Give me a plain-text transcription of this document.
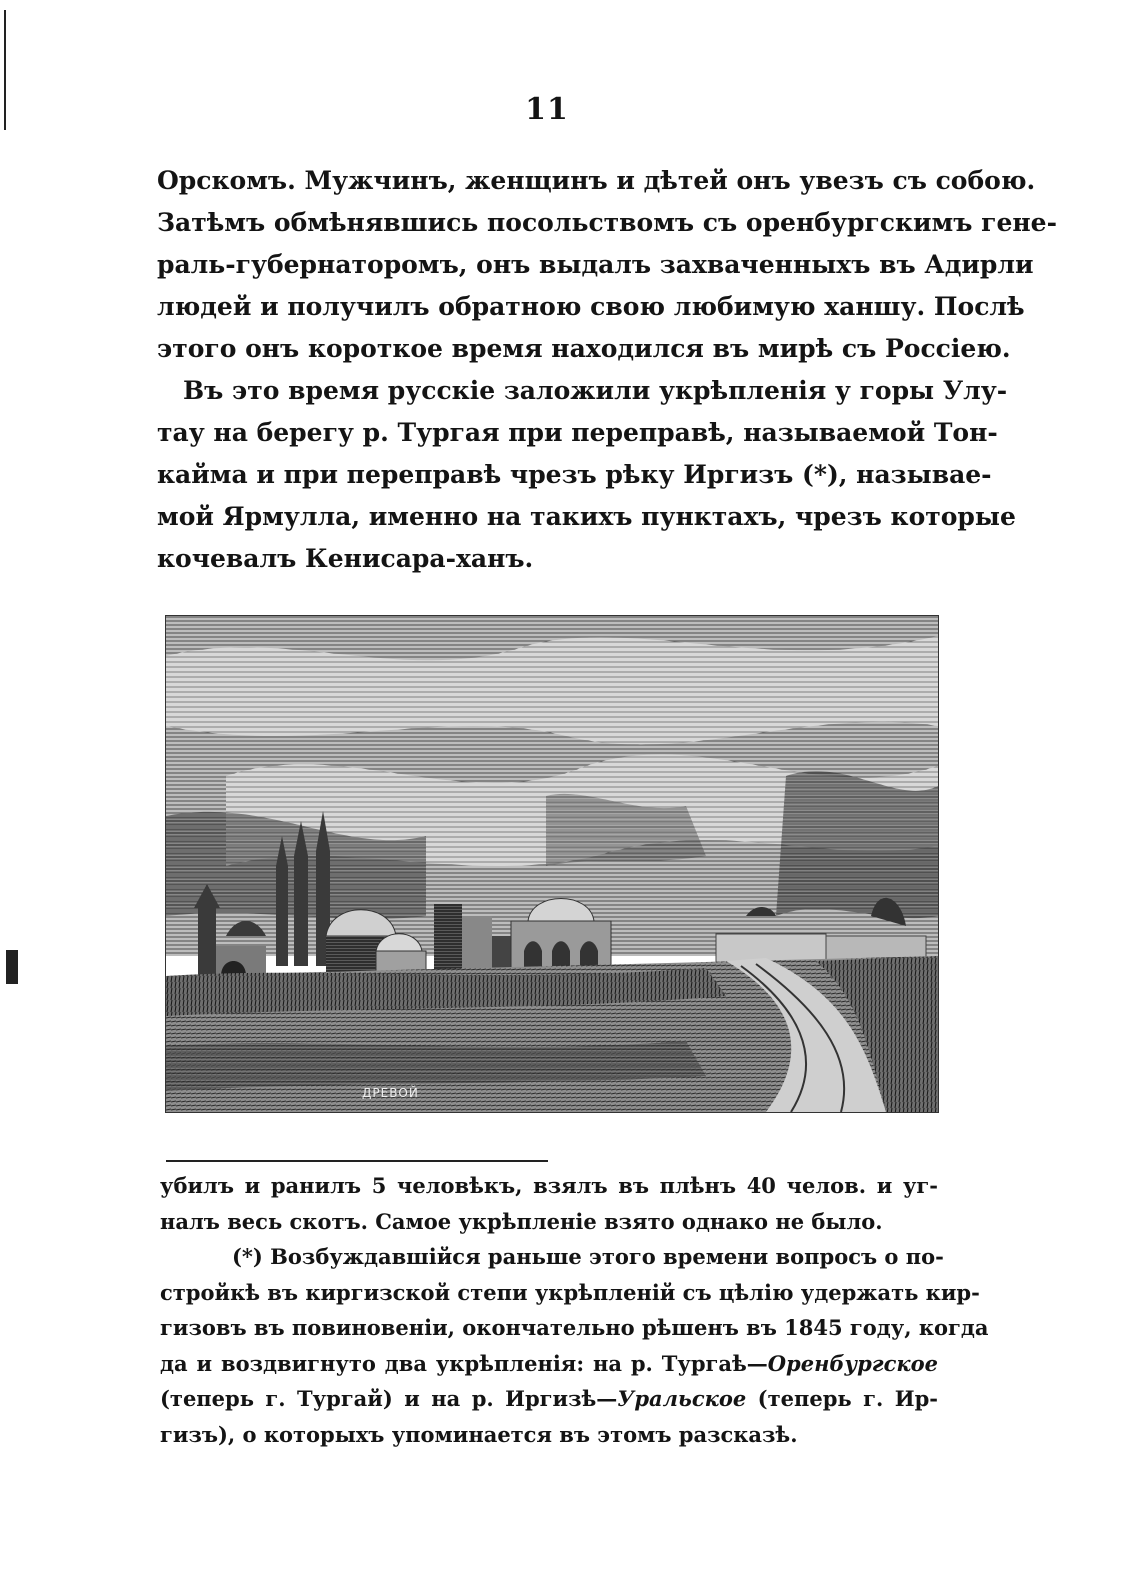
11
Орскомъ. Мужчинъ, женщинъ и дѣтей онъ увезъ съ собою.
Затѣмъ обмѣнявшись посольствомъ съ оренбургскимъ гене-
раль-губернаторомъ, онъ выдалъ захваченныхъ въ Адирли
людей и получилъ обратною свою любимую ханшу. Послѣ
этого онъ короткое время находился въ мирѣ съ Россіею.
Въ это время русскіе заложили укрѣпленія у горы Улу-
тау на берегу р. Тургая при переправѣ, называемой Тон-
кайма и при переправѣ чрезъ рѣку Иргизъ (*), называе-
мой Ярмулла, именно на такихъ пунктахъ, чрезъ которые
кочевалъ Кенисара-ханъ.
ДРЕВОЙ
убилъ и ранилъ 5 человѣкъ, взялъ въ плѣнъ 40 челов. и уг-
налъ весь скотъ. Самое укрѣпленіе взято однако не было.
(*) Возбуждавшійся раньше этого времени вопросъ о по-
стройкѣ въ киргизской степи укрѣпленій съ цѣлію удержать кир-
гизовъ въ повиновеніи, окончательно рѣшенъ въ 1845 году, когда
да и воздвигнуто два укрѣпленія: на р. Тургаѣ—Оренбургское
(теперь г. Тургай) и на р. Иргизѣ—Уральское (теперь г. Ир-
гизъ), о которыхъ упоминается въ этомъ разсказѣ.
